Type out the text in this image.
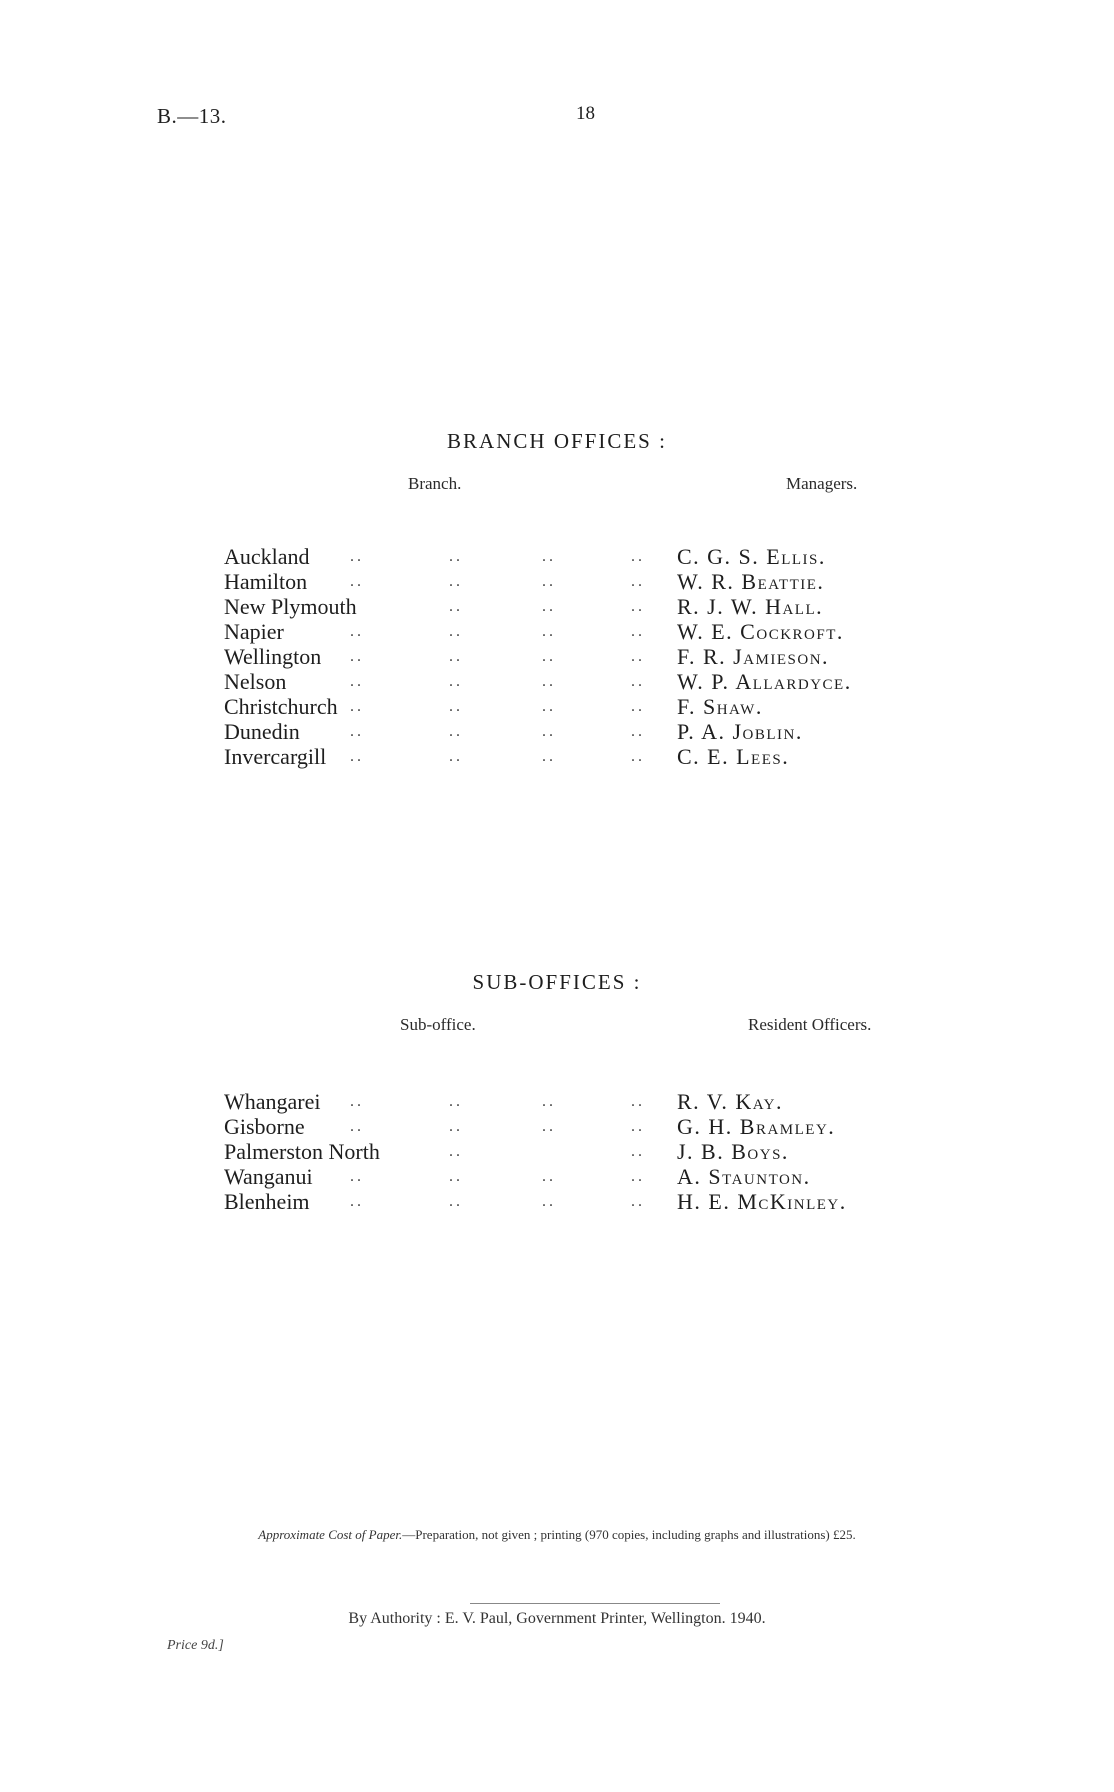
B.—13.	18
BRANCH OFFICES :
Branch.	Managers.
Auckland	..	..	..	.. C. G. S. Ellis.
Hamilton	..	..	..	.. W. R. Beattie.
New Plymouth	..	..	.. R. J. W. Hall.
Napier	..	..	..	.. W. E. Cockroft.
Wellington ..	..	..	.. F. R. Jamieson.
Nelson	..	..	..	.. W. P. Allardyce.
Christchurch ..	..	..	.. F. Shaw.
Dunedin	..	..	..	.. P. A. Joblin.
Invercargill ..	..	..	.. C. E. Lees.
SUB-OFFICES :
Sub-office.	Resident Officers.
Whangarei ..	..	..	.. R. V. Kay.
Gisborne	..	..	..	.. G. H. Bramley.
Palmerston North	..	.. J. B. Boys.
Wanganui ..	..	..	.. A. Staunton.
Blenheim	..	..	..	.. H. E. McKinley.
Approximate Cost of Paper.—Preparation, not given ; printing (970 copies, including graphs and illustrations) £25.
By Authority : E. V. Paul, Government Printer, Wellington. 1940.
Price 9d.]
